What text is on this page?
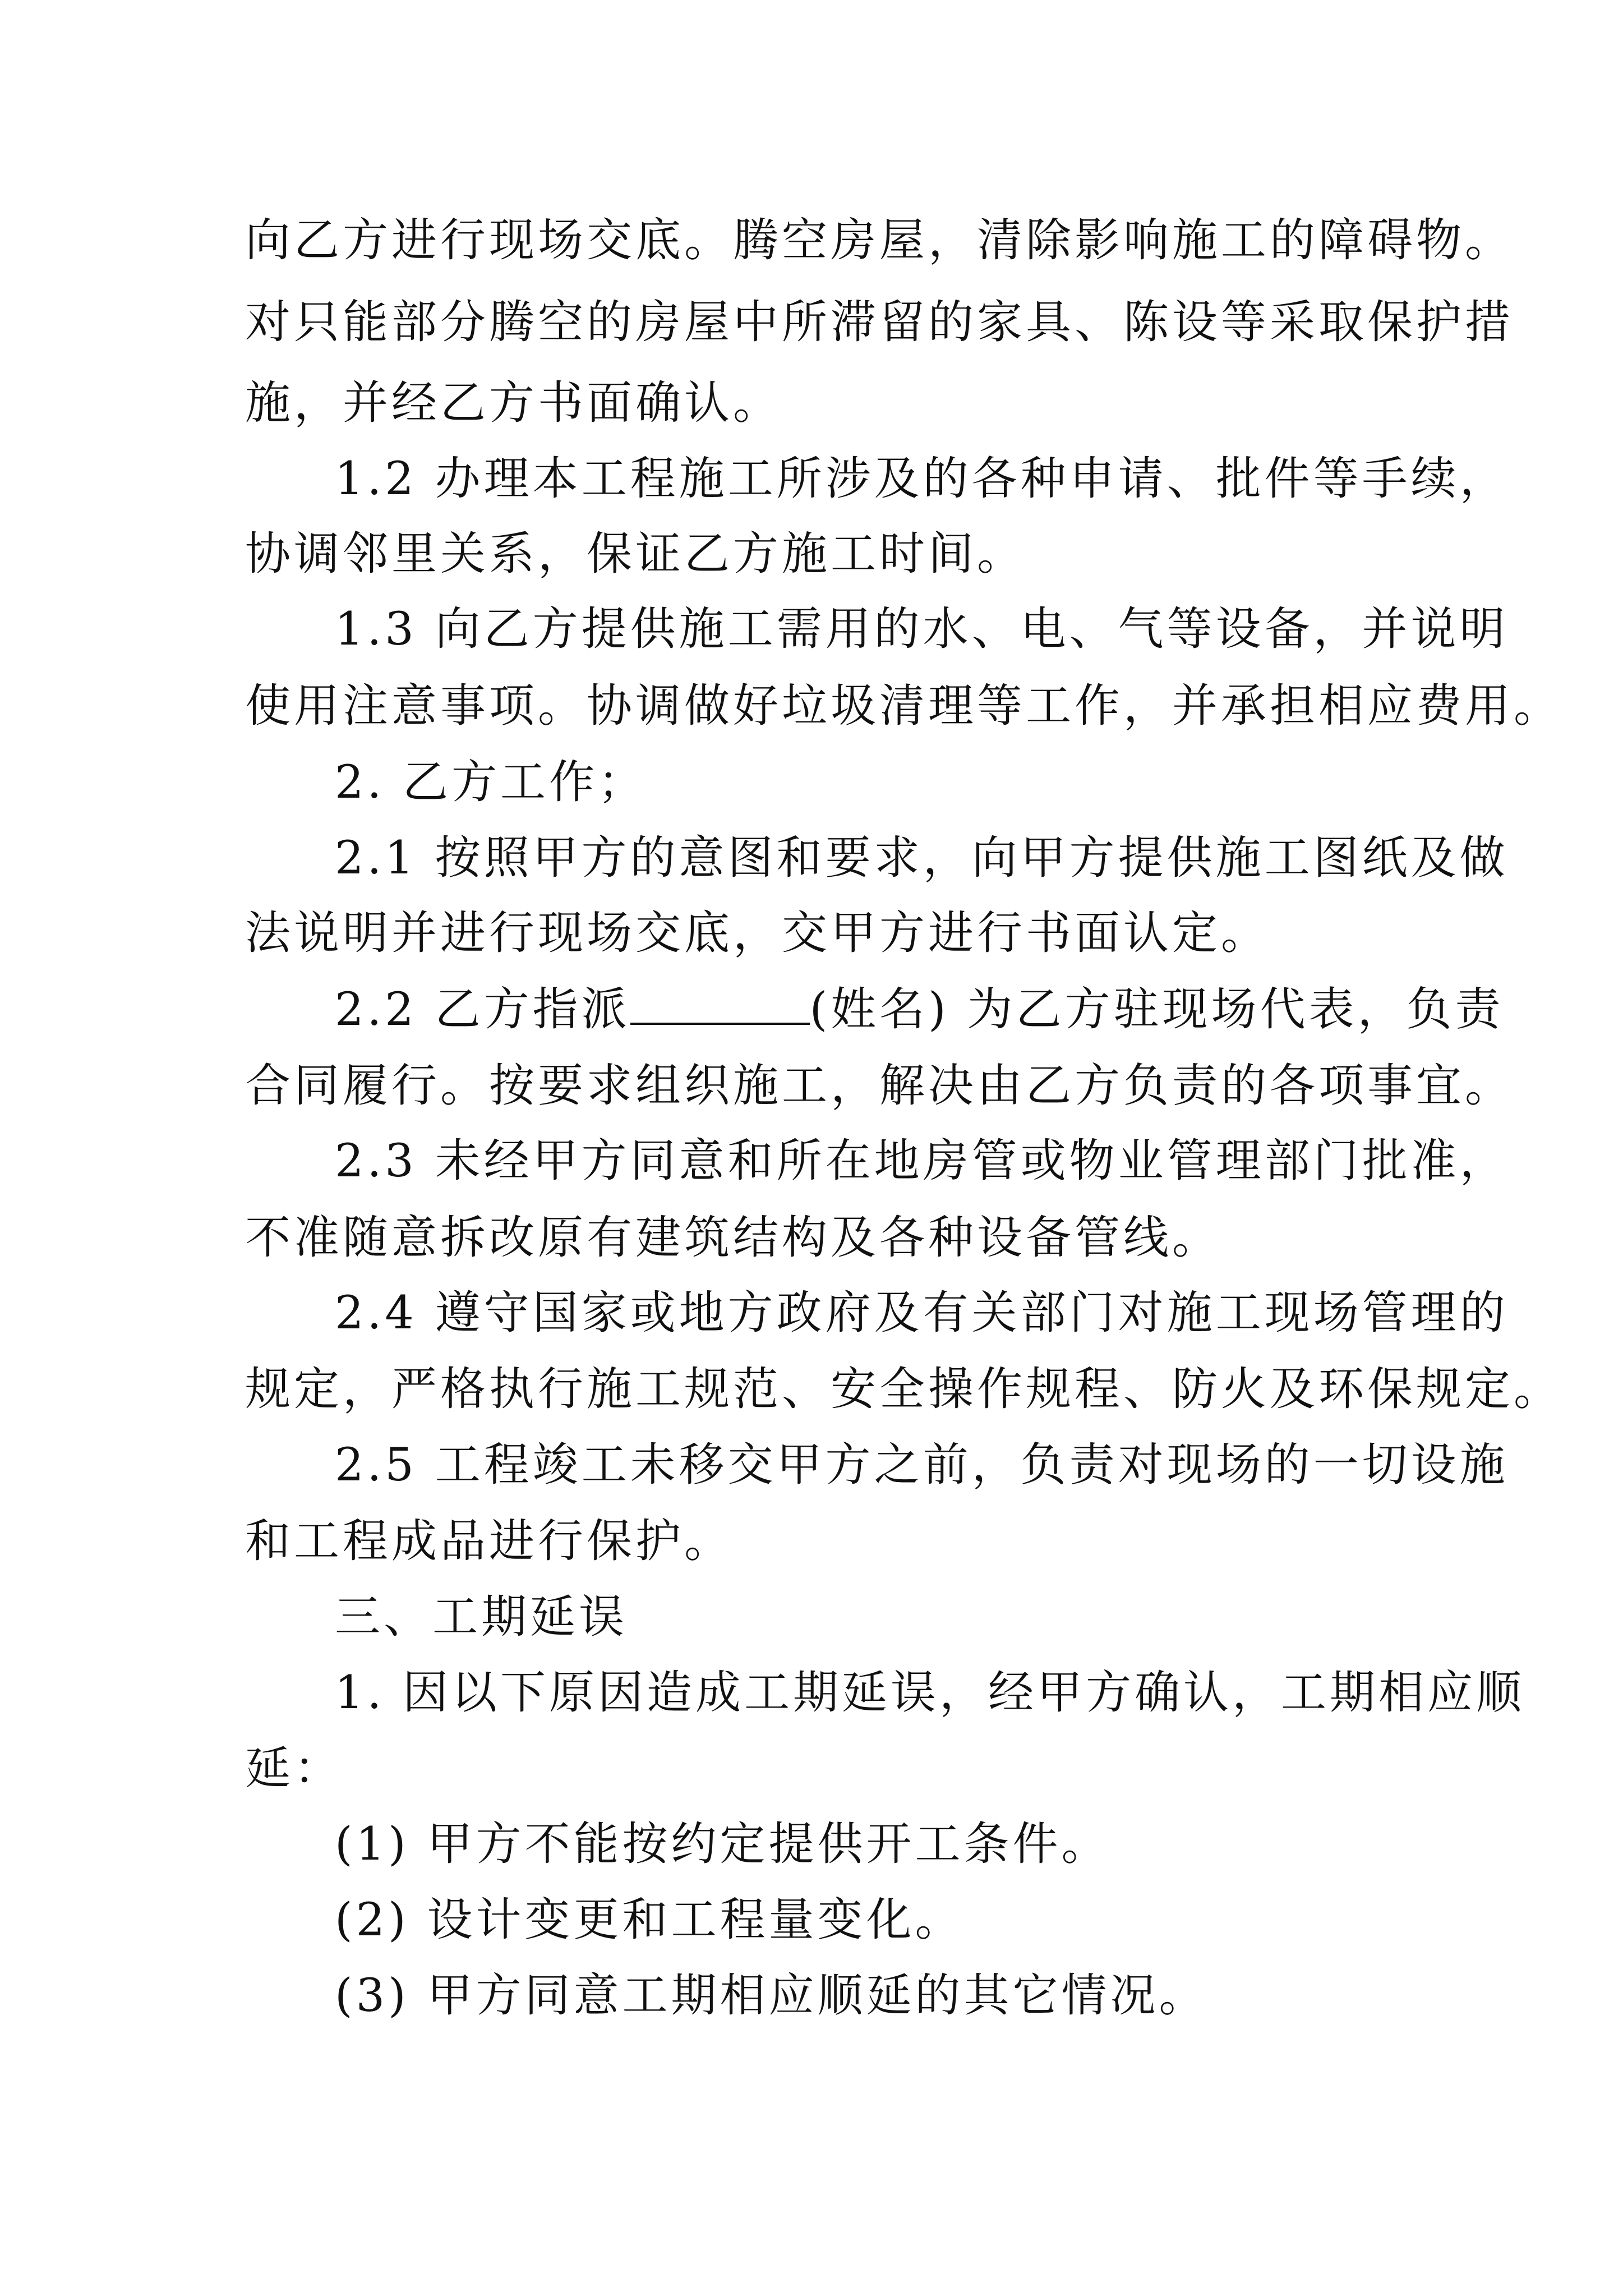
向乙方进行现场交底。腾空房屋，清除影响施工的障碍物。
对只能部分腾空的房屋中所滞留的家具、陈设等采取保护措
施，并经乙方书面确认。
1.2 办理本工程施工所涉及的各种申请、批件等手续，
协调邻里关系，保证乙方施工时间。
1.3 向乙方提供施工需用的水、电、气等设备，并说明
使用注意事项。协调做好垃圾清理等工作，并承担相应费用。
2. 乙方工作；
2.1 按照甲方的意图和要求，向甲方提供施工图纸及做
法说明并进行现场交底，交甲方进行书面认定。
2.2 乙方指派	(姓名) 为乙方驻现场代表，负责
合同履行。按要求组织施工，解决由乙方负责的各项事宜。
2.3 未经甲方同意和所在地房管或物业管理部门批准，
不准随意拆改原有建筑结构及各种设备管线。
2.4 遵守国家或地方政府及有关部门对施工现场管理的
规定，严格执行施工规范、安全操作规程、防火及环保规定。
2.5 工程竣工未移交甲方之前，负责对现场的一切设施
和工程成品进行保护。
三、工期延误
1. 因以下原因造成工期延误，经甲方确认，工期相应顺
延：
(1) 甲方不能按约定提供开工条件。
(2) 设计变更和工程量变化。
(3) 甲方同意工期相应顺延的其它情况。
